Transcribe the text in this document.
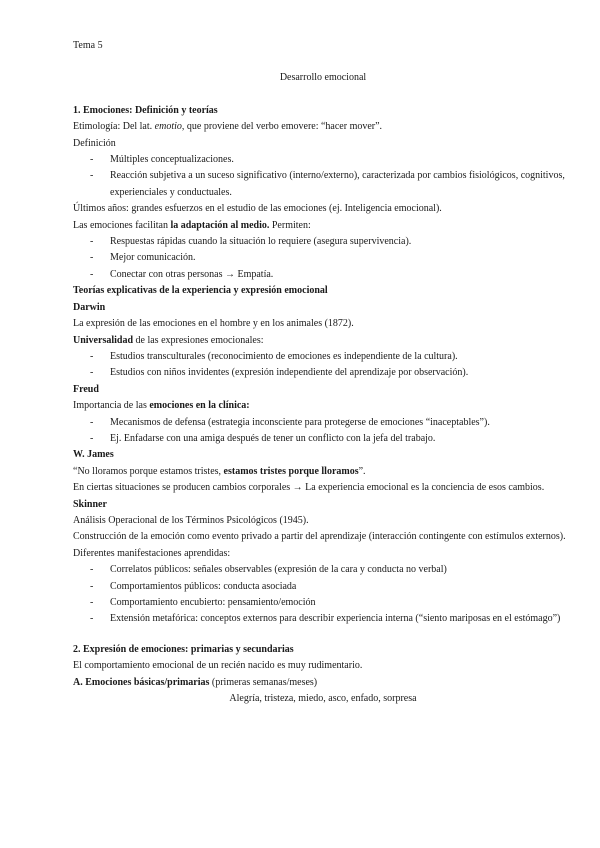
Tema 5
Desarrollo emocional
1. Emociones: Definición y teorías
Etimología: Del lat. emotio, que proviene del verbo emovere: “hacer mover”.
Definición
- Múltiples conceptualizaciones.
- Reacción subjetiva a un suceso significativo (interno/externo), caracterizada por cambios fisiológicos, cognitivos, experienciales y conductuales.
Últimos años: grandes esfuerzos en el estudio de las emociones (ej. Inteligencia emocional).
Las emociones facilitan la adaptación al medio. Permiten:
- Respuestas rápidas cuando la situación lo requiere (asegura supervivencia).
- Mejor comunicación.
- Conectar con otras personas → Empatía.
Teorías explicativas de la experiencia y expresión emocional
Darwin
La expresión de las emociones en el hombre y en los animales (1872).
Universalidad de las expresiones emocionales:
- Estudios transculturales (reconocimiento de emociones es independiente de la cultura).
- Estudios con niños invidentes (expresión independiente del aprendizaje por observación).
Freud
Importancia de las emociones en la clínica:
- Mecanismos de defensa (estrategia inconsciente para protegerse de emociones “inaceptables”).
- Ej. Enfadarse con una amiga después de tener un conflicto con la jefa del trabajo.
W. James
“No lloramos porque estamos tristes, estamos tristes porque lloramos”.
En ciertas situaciones se producen cambios corporales → La experiencia emocional es la conciencia de esos cambios.
Skinner
Análisis Operacional de los Términos Psicológicos (1945).
Construcción de la emoción como evento privado a partir del aprendizaje (interacción contingente con estímulos externos).
Diferentes manifestaciones aprendidas:
- Correlatos públicos: señales observables (expresión de la cara y conducta no verbal)
- Comportamientos públicos: conducta asociada
- Comportamiento encubierto: pensamiento/emoción
- Extensión metafórica: conceptos externos para describir experiencia interna (“siento mariposas en el estómago”)
2. Expresión de emociones: primarias y secundarias
El comportamiento emocional de un recién nacido es muy rudimentario.
A. Emociones básicas/primarias (primeras semanas/meses)
Alegría, tristeza, miedo, asco, enfado, sorpresa
